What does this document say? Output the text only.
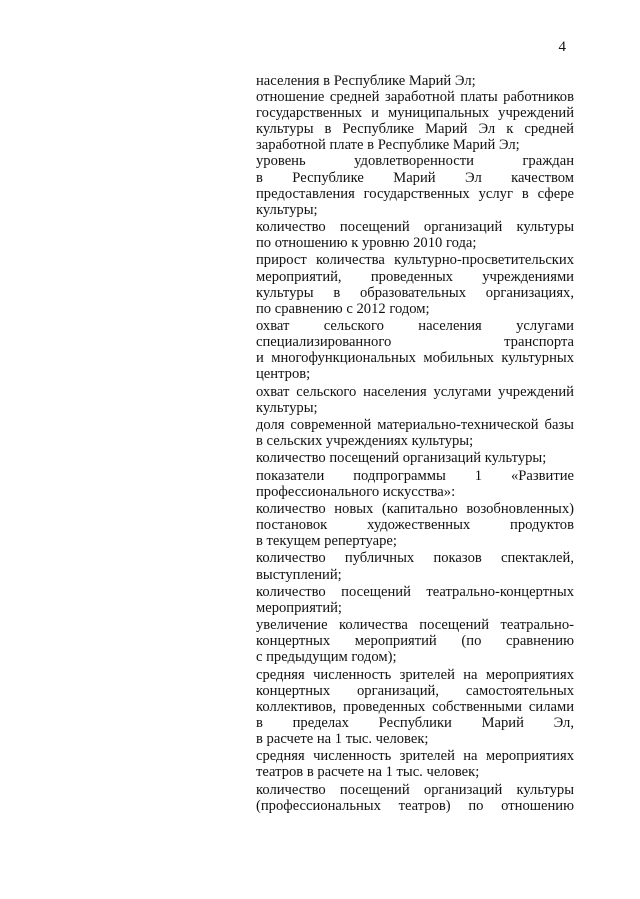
4
населения в Республике Марий Эл;
отношение средней заработной платы работников
государственных и муниципальных учреждений
культуры в Республике Марий Эл к средней
заработной плате в Республике Марий Эл;
уровень удовлетворенности граждан
в Республике Марий Эл качеством
предоставления государственных услуг в сфере
культуры;
количество посещений организаций культуры
по отношению к уровню 2010 года;
прирост количества культурно-просветительских
мероприятий, проведенных учреждениями
культуры в образовательных организациях,
по сравнению с 2012 годом;
охват сельского населения услугами
специализированного транспорта
и многофункциональных мобильных культурных
центров;
охват сельского населения услугами учреждений
культуры;
доля современной материально-технической базы
в сельских учреждениях культуры;
количество посещений организаций культуры;
показатели подпрограммы 1 «Развитие
профессионального искусства»:
количество новых (капитально возобновленных)
постановок художественных продуктов
в текущем репертуаре;
количество публичных показов спектаклей,
выступлений;
количество посещений театрально-концертных
мероприятий;
увеличение количества посещений театрально-
концертных мероприятий (по сравнению
с предыдущим годом);
средняя численность зрителей на мероприятиях
концертных организаций, самостоятельных
коллективов, проведенных собственными силами
в пределах Республики Марий Эл,
в расчете на 1 тыс. человек;
средняя численность зрителей на мероприятиях
театров в расчете на 1 тыс. человек;
количество посещений организаций культуры
(профессиональных театров) по отношению
